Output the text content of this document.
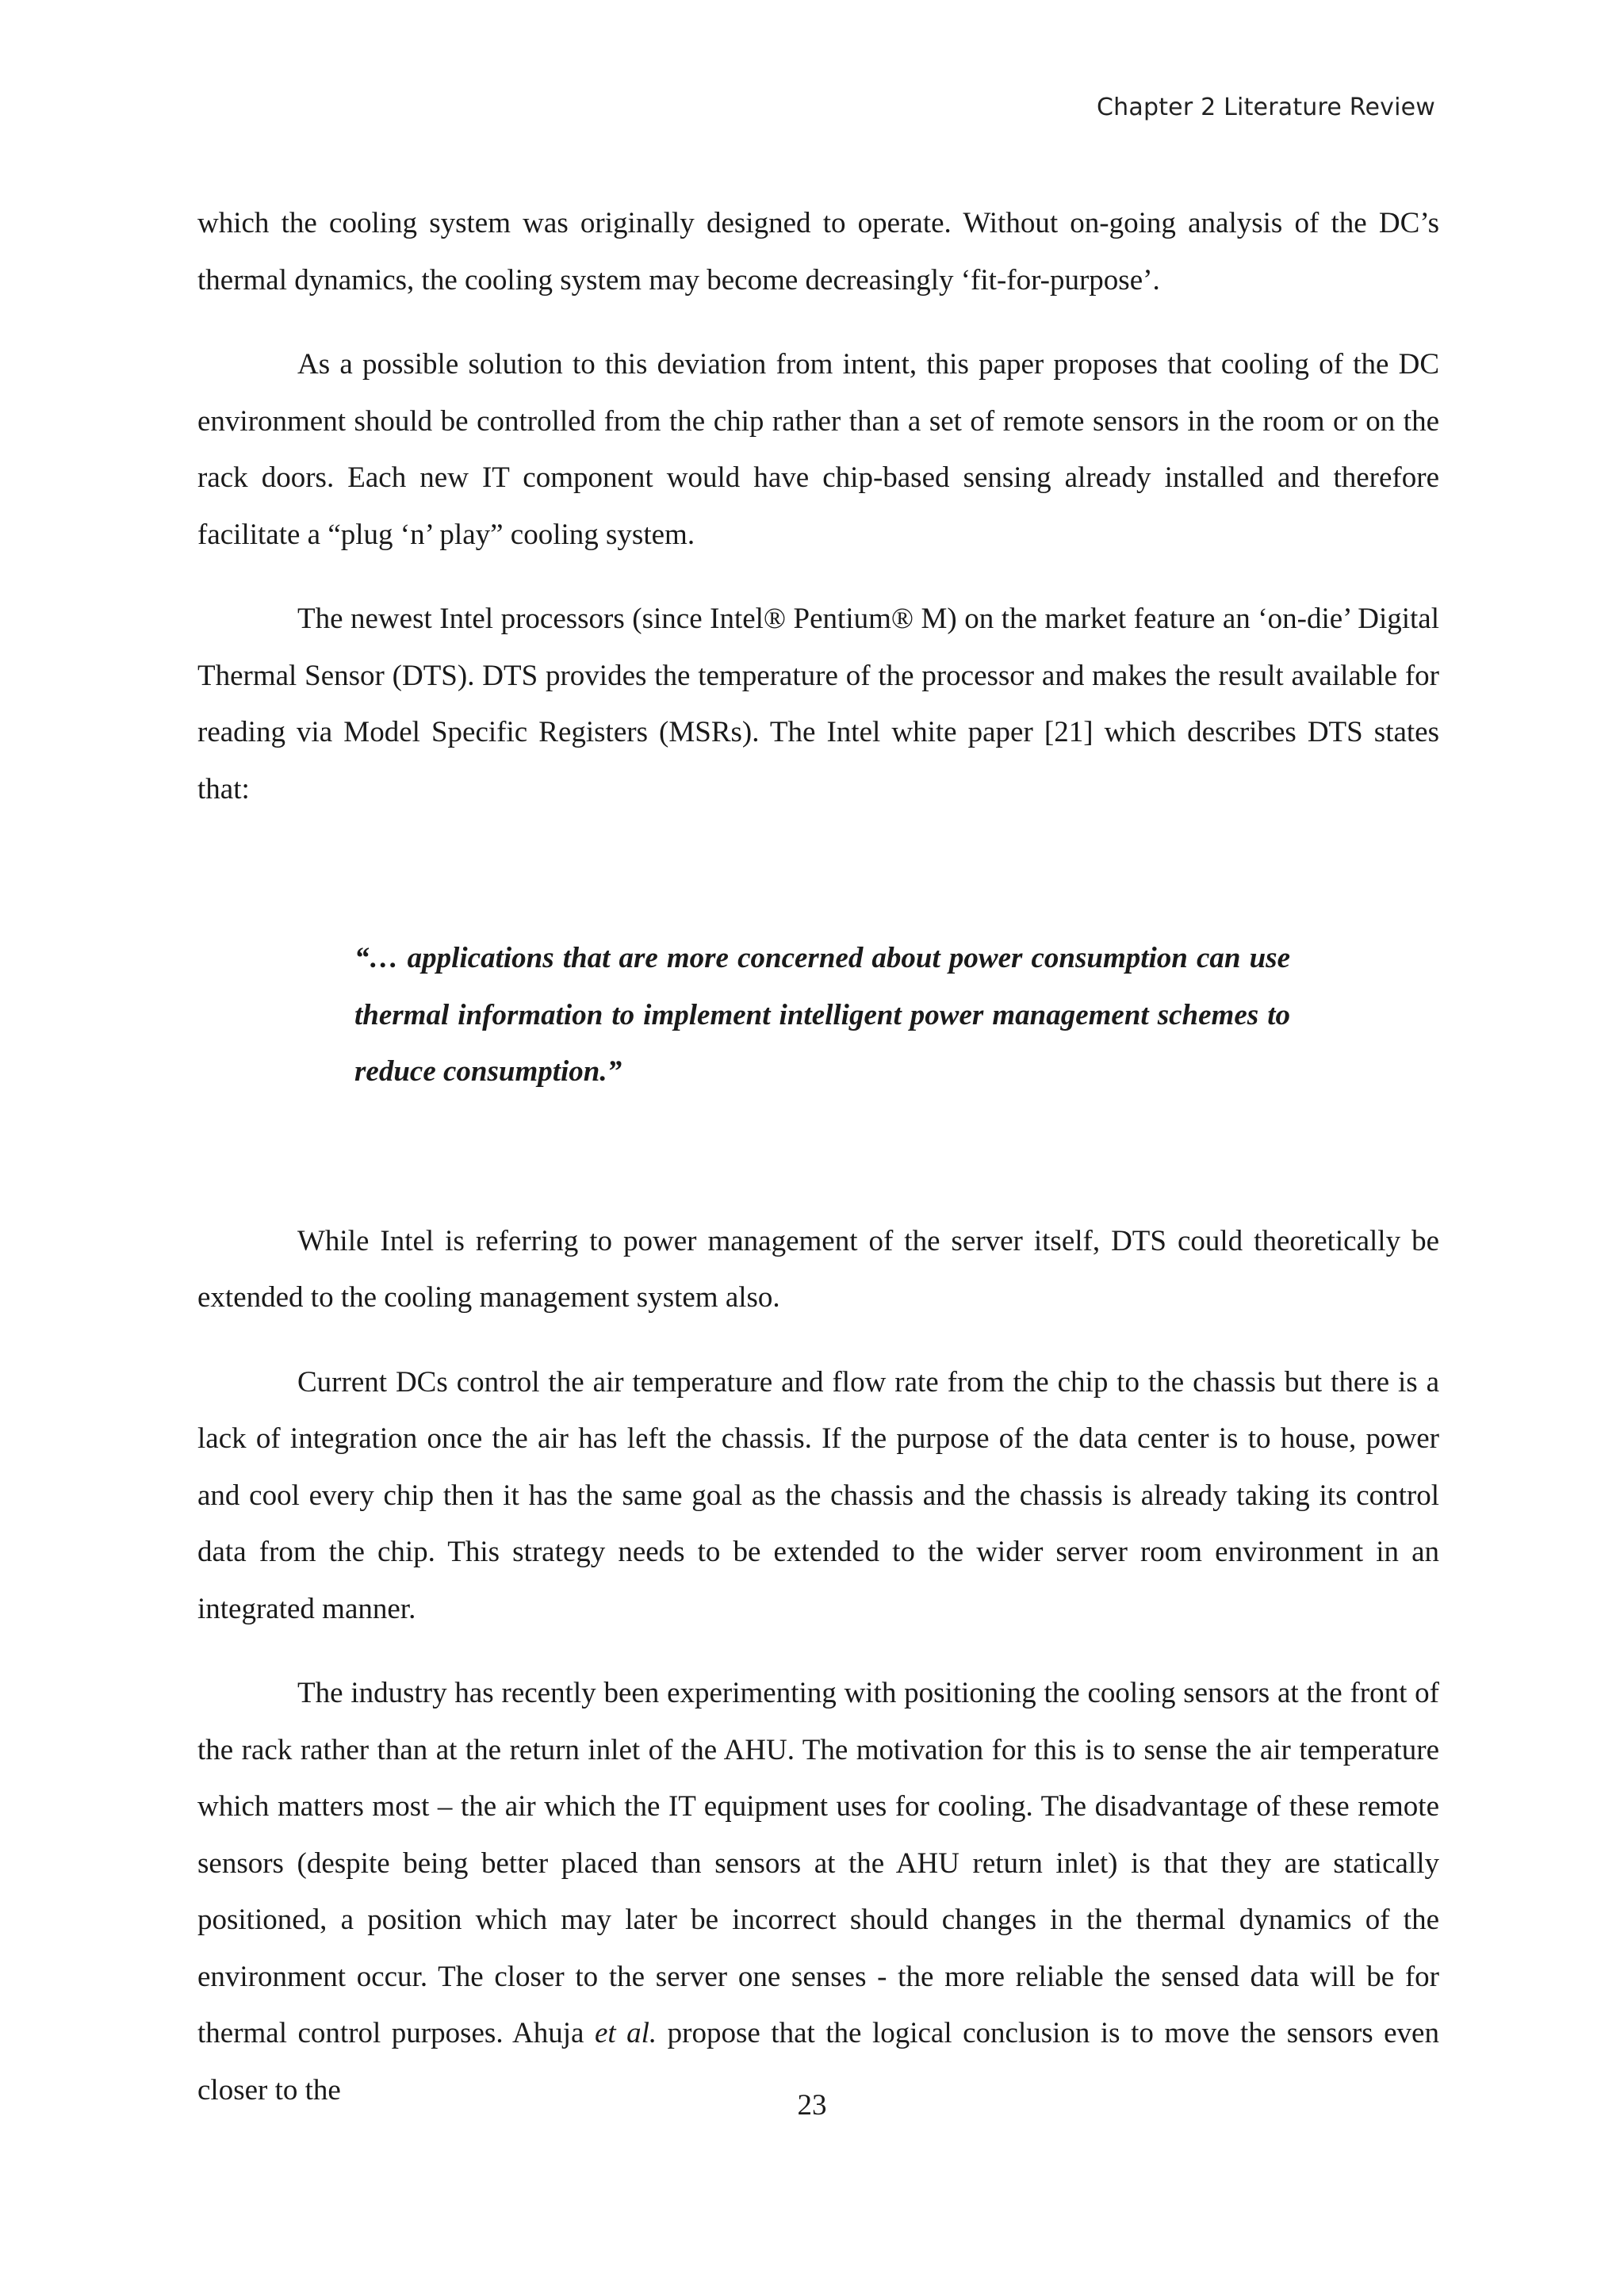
Chapter 2 Literature Review

which the cooling system was originally designed to operate. Without on-going analysis of the DC’s thermal dynamics, the cooling system may become decreasingly ‘fit-for-purpose’.

As a possible solution to this deviation from intent, this paper proposes that cooling of the DC environment should be controlled from the chip rather than a set of remote sensors in the room or on the rack doors. Each new IT component would have chip-based sensing already installed and therefore facilitate a “plug ‘n’ play” cooling system.

The newest Intel processors (since Intel® Pentium® M) on the market feature an ‘on-die’ Digital Thermal Sensor (DTS). DTS provides the temperature of the processor and makes the result available for reading via Model Specific Registers (MSRs). The Intel white paper [21] which describes DTS states that:

“… applications that are more concerned about power consumption can use thermal information to implement intelligent power management schemes to reduce consumption.”

While Intel is referring to power management of the server itself, DTS could theoretically be extended to the cooling management system also.

Current DCs control the air temperature and flow rate from the chip to the chassis but there is a lack of integration once the air has left the chassis. If the purpose of the data center is to house, power and cool every chip then it has the same goal as the chassis and the chassis is already taking its control data from the chip. This strategy needs to be extended to the wider server room environment in an integrated manner.

The industry has recently been experimenting with positioning the cooling sensors at the front of the rack rather than at the return inlet of the AHU. The motivation for this is to sense the air temperature which matters most – the air which the IT equipment uses for cooling. The disadvantage of these remote sensors (despite being better placed than sensors at the AHU return inlet) is that they are statically positioned, a position which may later be incorrect should changes in the thermal dynamics of the environment occur. The closer to the server one senses - the more reliable the sensed data will be for thermal control purposes. Ahuja et al. propose that the logical conclusion is to move the sensors even closer to the	23
